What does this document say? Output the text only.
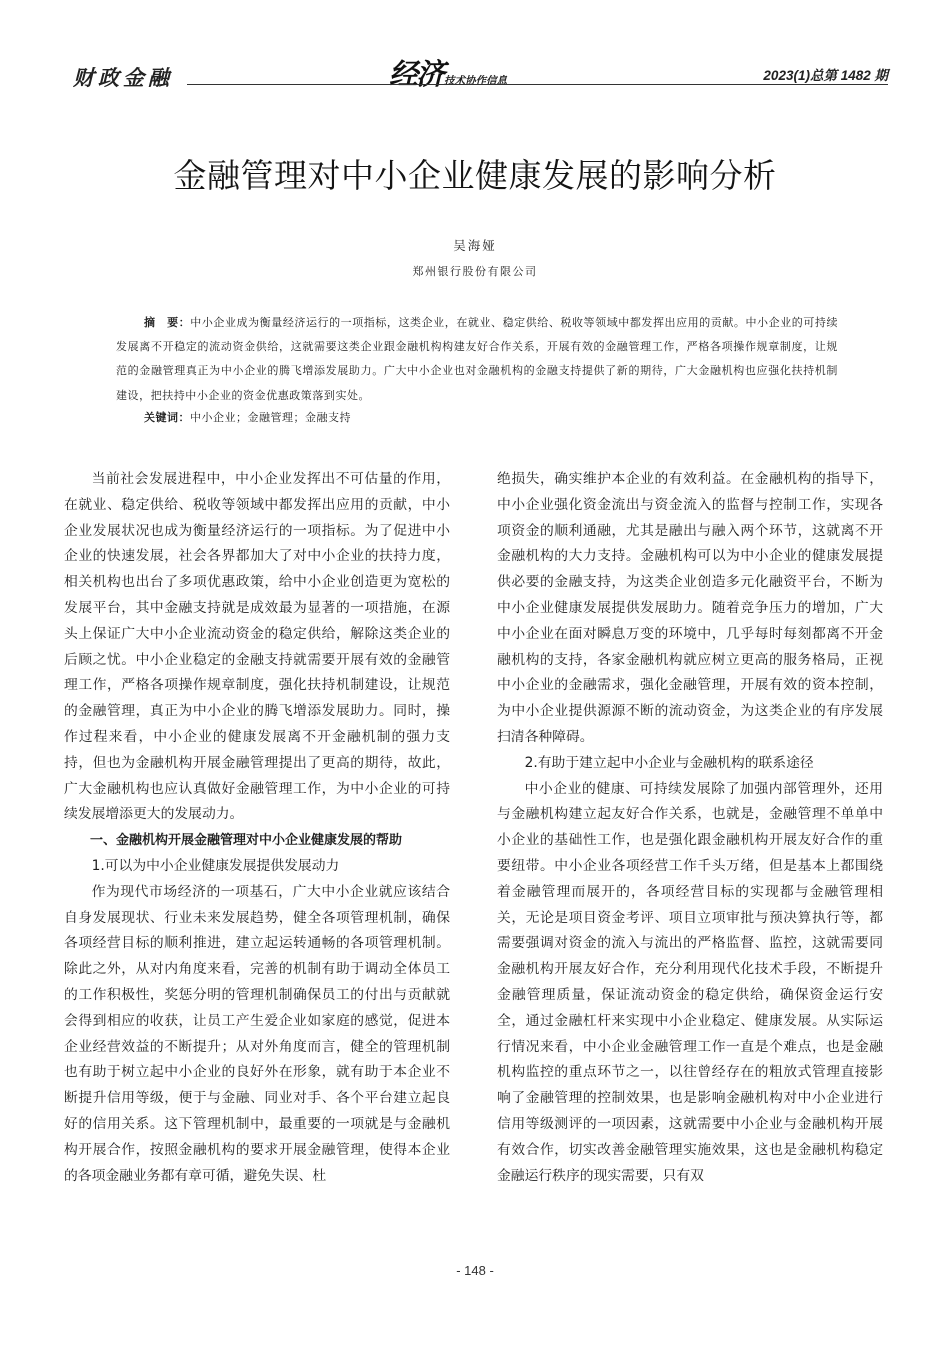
财政金融	经济技术协作信息	2023(1)总第 1482 期
金融管理对中小企业健康发展的影响分析
吴海娅
郑州银行股份有限公司
摘　要：中小企业成为衡量经济运行的一项指标，这类企业，在就业、稳定供给、税收等领域中都发挥出应用的贡献。中小企业的可持续发展离不开稳定的流动资金供给，这就需要这类企业跟金融机构构建友好合作关系，开展有效的金融管理工作，严格各项操作规章制度，让规范的金融管理真正为中小企业的腾飞增添发展助力。广大中小企业也对金融机构的金融支持提供了新的期待，广大金融机构也应强化扶持机制建设，把扶持中小企业的资金优惠政策落到实处。
关键词：中小企业；金融管理；金融支持

当前社会发展进程中，中小企业发挥出不可估量的作用，在就业、稳定供给、税收等领域中都发挥出应用的贡献，中小企业发展状况也成为衡量经济运行的一项指标。为了促进中小企业的快速发展，社会各界都加大了对中小企业的扶持力度，相关机构也出台了多项优惠政策，给中小企业创造更为宽松的发展平台，其中金融支持就是成效最为显著的一项措施，在源头上保证广大中小企业流动资金的稳定供给，解除这类企业的后顾之忧。中小企业稳定的金融支持就需要开展有效的金融管理工作，严格各项操作规章制度，强化扶持机制建设，让规范的金融管理，真正为中小企业的腾飞增添发展助力。同时，操作过程来看，中小企业的健康发展离不开金融机制的强力支持，但也为金融机构开展金融管理提出了更高的期待，故此，广大金融机构也应认真做好金融管理工作，为中小企业的可持续发展增添更大的发展动力。

一、金融机构开展金融管理对中小企业健康发展的帮助

1.可以为中小企业健康发展提供发展动力

作为现代市场经济的一项基石，广大中小企业就应该结合自身发展现状、行业未来发展趋势，健全各项管理机制，确保各项经营目标的顺利推进，建立起运转通畅的各项管理机制。除此之外，从对内角度来看，完善的机制有助于调动全体员工的工作积极性，奖惩分明的管理机制确保员工的付出与贡献就会得到相应的收获，让员工产生爱企业如家庭的感觉，促进本企业经营效益的不断提升；从对外角度而言，健全的管理机制也有助于树立起中小企业的良好外在形象，就有助于本企业不断提升信用等级，便于与金融、同业对手、各个平台建立起良好的信用关系。这下管理机制中，最重要的一项就是与金融机构开展合作，按照金融机构的要求开展金融管理，使得本企业的各项金融业务都有章可循，避免失误、杜

绝损失，确实维护本企业的有效利益。在金融机构的指导下，中小企业强化资金流出与资金流入的监督与控制工作，实现各项资金的顺利通融，尤其是融出与融入两个环节，这就离不开金融机构的大力支持。金融机构可以为中小企业的健康发展提供必要的金融支持，为这类企业创造多元化融资平台，不断为中小企业健康发展提供发展助力。随着竞争压力的增加，广大中小企业在面对瞬息万变的环境中，几乎每时每刻都离不开金融机构的支持，各家金融机构就应树立更高的服务格局，正视中小企业的金融需求，强化金融管理，开展有效的资本控制，为中小企业提供源源不断的流动资金，为这类企业的有序发展扫清各种障碍。

2.有助于建立起中小企业与金融机构的联系途径

中小企业的健康、可持续发展除了加强内部管理外，还用与金融机构建立起友好合作关系，也就是，金融管理不单单中小企业的基础性工作，也是强化跟金融机构开展友好合作的重要纽带。中小企业各项经营工作千头万绪，但是基本上都围绕着金融管理而展开的，各项经营目标的实现都与金融管理相关，无论是项目资金考评、项目立项审批与预决算执行等，都需要强调对资金的流入与流出的严格监督、监控，这就需要同金融机构开展友好合作，充分利用现代化技术手段，不断提升金融管理质量，保证流动资金的稳定供给，确保资金运行安全，通过金融杠杆来实现中小企业稳定、健康发展。从实际运行情况来看，中小企业金融管理工作一直是个难点，也是金融机构监控的重点环节之一，以往曾经存在的粗放式管理直接影响了金融管理的控制效果，也是影响金融机构对中小企业进行信用等级测评的一项因素，这就需要中小企业与金融机构开展有效合作，切实改善金融管理实施效果，这也是金融机构稳定金融运行秩序的现实需要，只有双

- 148 -
